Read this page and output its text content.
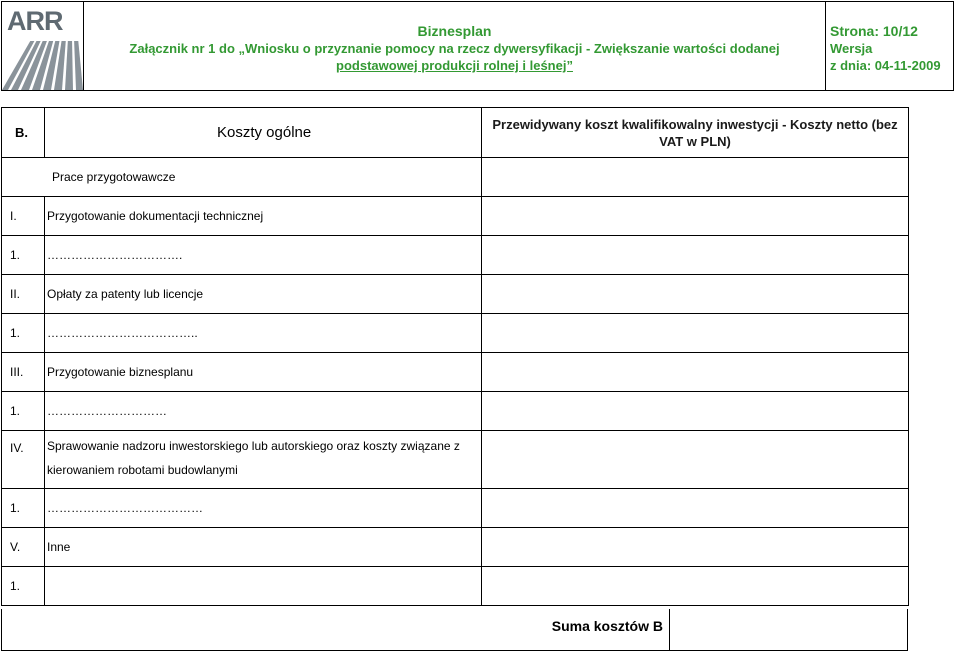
ARR	Biznesplan
Załącznik nr 1 do „Wniosku o przyznanie pomocy na rzecz dywersyfikacji - Zwiększanie wartości dodanej
podstawowej produkcji rolnej i leśnej”
Strona: 10/12
Wersja
z dnia: 04-11-2009
B.	Koszty ogólne	Przewidywany koszt kwalifikowalny inwestycji - Koszty netto (bez VAT w PLN)
Prace przygotowawcze		
I.	Przygotowanie dokumentacji technicznej	
1.	…………………………….	
II.	Opłaty za patenty lub licencje	
1.	………………………………..	
III.	Przygotowanie biznesplanu	
1.	…………………………	
IV.	Sprawowanie nadzoru inwestorskiego lub autorskiego oraz koszty związane z kierowaniem robotami budowlanymi	
1.	…………………………………	
V.	Inne	
1.		
Suma kosztów B
